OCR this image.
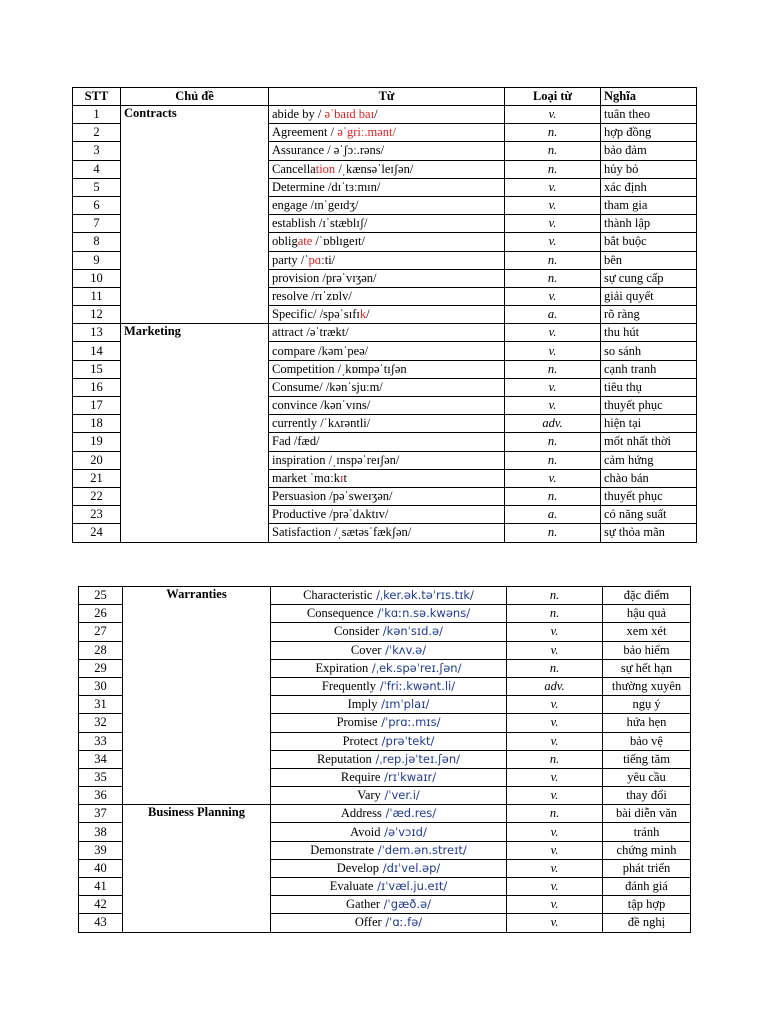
STT	Chủ đề	Từ	Loại từ	Nghĩa
1	Contracts	abide by / əˈbaɪd baɪ/	v.	tuân theo
2		Agreement / əˈgriː.mənt/	n.	hợp đồng
3		Assurance / əˈʃɔː.rəns/	n.	bảo đảm
4		Cancellation /ˌkænsəˈleɪʃən/	n.	hủy bỏ
5		Determine /dɪˈtɜːmɪn/	v.	xác định
6		engage /ɪnˈgeɪdʒ/	v.	tham gia
7		establish /ɪˈstæblɪʃ/	v.	thành lập
8		obligate /ˈɒblɪgeɪt/	v.	bắt buộc
9		party /ˈpɑːti/	n.	bên
10		provision /prəˈvɪʒən/	n.	sự cung cấp
11		resolve /rɪˈzɒlv/	v.	giải quyết
12		Specific/ /spəˈsɪfɪk/	a.	rõ ràng
13	Marketing	attract /əˈtrækt/	v.	thu hút
14		compare /kəmˈpeə/	v.	so sánh
15		Competition /ˌkɒmpəˈtɪʃən	n.	cạnh tranh
16		Consume/ /kənˈsjuːm/	v.	tiêu thụ
17		convince /kənˈvɪns/	v.	thuyết phục
18		currently /ˈkʌrəntli/	adv.	hiện tại
19		Fad /fæd/	n.	mốt nhất thời
20		inspiration /ˌɪnspəˈreɪʃən/	n.	cảm hứng
21		market ˈmɑːkɪt	v.	chào bán
22		Persuasion /pəˈsweɪʒən/	n.	thuyết phục
23		Productive /prəˈdʌktɪv/	a.	có năng suất
24		Satisfaction /ˌsætəsˈfækʃən/	n.	sự thỏa mãn
25	Warranties	Characteristic /ˌker.ək.təˈrɪs.tɪk/	n.	đặc điểm
26		Consequence /ˈkɑːn.sə.kwəns/	n.	hậu quả
27		Consider /kənˈsɪd.ə/	v.	xem xét
28		Cover /ˈkʌv.ə/	v.	bảo hiểm
29		Expiration /ˌek.spəˈreɪ.ʃən/	n.	sự hết hạn
30		Frequently /ˈfriː.kwənt.li/	adv.	thường xuyên
31		Imply /ɪmˈplaɪ/	v.	ngụ ý
32		Promise /ˈprɑː.mɪs/	v.	hứa hẹn
33		Protect /prəˈtekt/	v.	bảo vệ
34		Reputation /ˌrep.jəˈteɪ.ʃən/	n.	tiếng tăm
35		Require /rɪˈkwaɪr/	v.	yêu cầu
36		Vary /ˈver.i/	v.	thay đổi
37	Business Planning	Address /ˈæd.res/	n.	bài diễn văn
38		Avoid /əˈvɔɪd/	v.	tránh
39		Demonstrate /ˈdem.ən.streɪt/	v.	chứng minh
40		Develop /dɪˈvel.əp/	v.	phát triển
41		Evaluate /ɪˈvæl.ju.eɪt/	v.	đánh giá
42		Gather /ˈgæð.ə/	v.	tập hợp
43		Offer /ˈɑː.fə/	v.	đề nghị
